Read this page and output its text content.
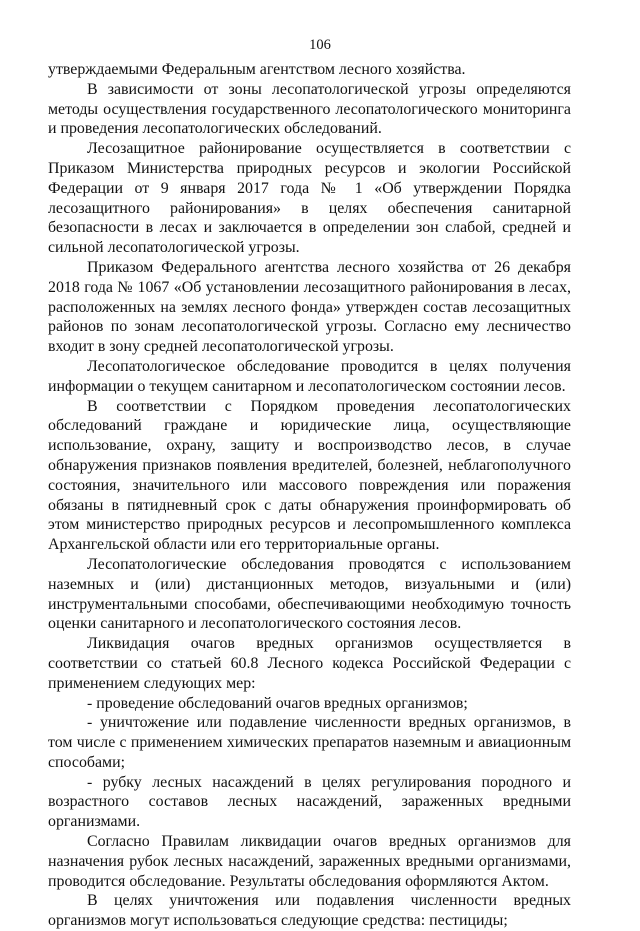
106

утверждаемыми Федеральным агентством лесного хозяйства.

В зависимости от зоны лесопатологической угрозы определяются методы осуществления государственного лесопатологического мониторинга и проведения лесопатологических обследований.

Лесозащитное районирование осуществляется в соответствии с Приказом Министерства природных ресурсов и экологии Российской Федерации от 9 января 2017 года № 1 «Об утверждении Порядка лесозащитного районирования» в целях обеспечения санитарной безопасности в лесах и заключается в определении зон слабой, средней и сильной лесопатологической угрозы.

Приказом Федерального агентства лесного хозяйства от 26 декабря 2018 года № 1067 «Об установлении лесозащитного районирования в лесах, расположенных на землях лесного фонда» утвержден состав лесозащитных районов по зонам лесопатологической угрозы. Согласно ему лесничество входит в зону средней лесопатологической угрозы.

Лесопатологическое обследование проводится в целях получения информации о текущем санитарном и лесопатологическом состоянии лесов.

В соответствии с Порядком проведения лесопатологических обследований граждане и юридические лица, осуществляющие использование, охрану, защиту и воспроизводство лесов, в случае обнаружения признаков появления вредителей, болезней, неблагополучного состояния, значительного или массового повреждения или поражения обязаны в пятидневный срок с даты обнаружения проинформировать об этом министерство природных ресурсов и лесопромышленного комплекса Архангельской области или его территориальные органы.

Лесопатологические обследования проводятся с использованием наземных и (или) дистанционных методов, визуальными и (или) инструментальными способами, обеспечивающими необходимую точность оценки санитарного и лесопатологического состояния лесов.

Ликвидация очагов вредных организмов осуществляется в соответствии со статьей 60.8 Лесного кодекса Российской Федерации с применением следующих мер:

- проведение обследований очагов вредных организмов;

- уничтожение или подавление численности вредных организмов, в том числе с применением химических препаратов наземным и авиационным способами;

- рубку лесных насаждений в целях регулирования породного и возрастного составов лесных насаждений, зараженных вредными организмами.

Согласно Правилам ликвидации очагов вредных организмов для назначения рубок лесных насаждений, зараженных вредными организмами, проводится обследование. Результаты обследования оформляются Актом.

В целях уничтожения или подавления численности вредных организмов могут использоваться следующие средства: пестициды;
